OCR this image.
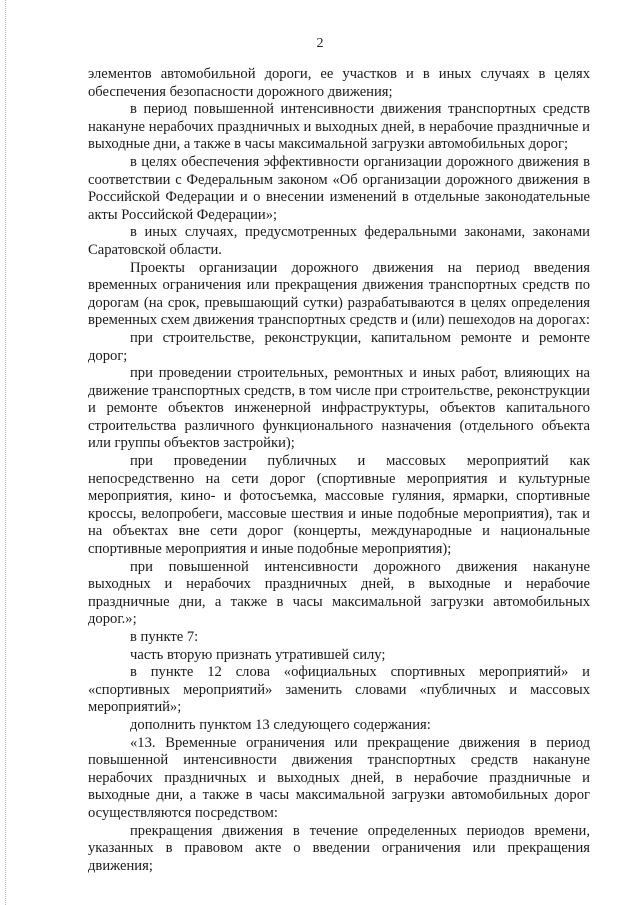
2

элементов автомобильной дороги, ее участков и в иных случаях в целях обеспечения безопасности дорожного движения;

в период повышенной интенсивности движения транспортных средств накануне нерабочих праздничных и выходных дней, в нерабочие праздничные и выходные дни, а также в часы максимальной загрузки автомобильных дорог;

в целях обеспечения эффективности организации дорожного движения в соответствии с Федеральным законом «Об организации дорожного движения в Российской Федерации и о внесении изменений в отдельные законодательные акты Российской Федерации»;

в иных случаях, предусмотренных федеральными законами, законами Саратовской области.

Проекты организации дорожного движения на период введения временных ограничения или прекращения движения транспортных средств по дорогам (на срок, превышающий сутки) разрабатываются в целях определения временных схем движения транспортных средств и (или) пешеходов на дорогах:

при строительстве, реконструкции, капитальном ремонте и ремонте дорог;

при проведении строительных, ремонтных и иных работ, влияющих на движение транспортных средств, в том числе при строительстве, реконструкции и ремонте объектов инженерной инфраструктуры, объектов капитального строительства различного функционального назначения (отдельного объекта или группы объектов застройки);

при проведении публичных и массовых мероприятий как непосредственно на сети дорог (спортивные мероприятия и культурные мероприятия, кино- и фотосъемка, массовые гуляния, ярмарки, спортивные кроссы, велопробеги, массовые шествия и иные подобные мероприятия), так и на объектах вне сети дорог (концерты, международные и национальные спортивные мероприятия и иные подобные мероприятия);

при повышенной интенсивности дорожного движения накануне выходных и нерабочих праздничных дней, в выходные и нерабочие праздничные дни, а также в часы максимальной загрузки автомобильных дорог.»;

в пункте 7:

часть вторую признать утратившей силу;

в пункте 12 слова «официальных спортивных мероприятий» и «спортивных мероприятий» заменить словами «публичных и массовых мероприятий»;

дополнить пунктом 13 следующего содержания:

«13. Временные ограничения или прекращение движения в период повышенной интенсивности движения транспортных средств накануне нерабочих праздничных и выходных дней, в нерабочие праздничные и выходные дни, а также в часы максимальной загрузки автомобильных дорог осуществляются посредством:

прекращения движения в течение определенных периодов времени, указанных в правовом акте о введении ограничения или прекращения движения;
